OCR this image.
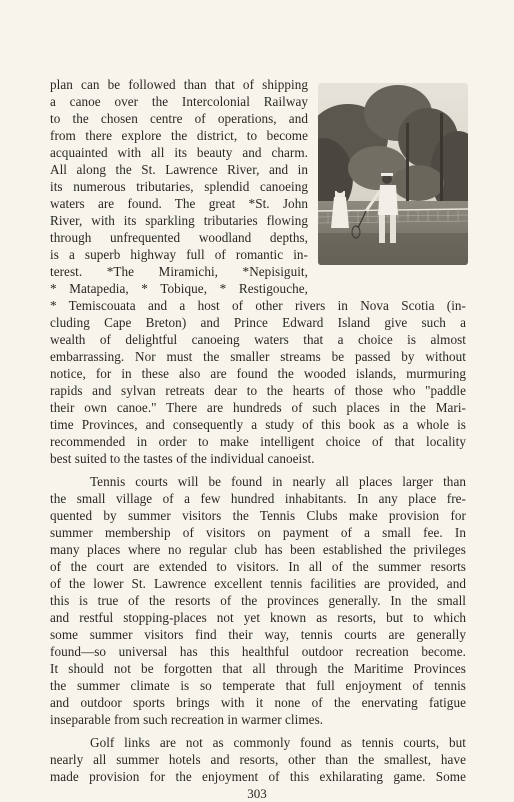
plan can be followed than that of shipping
a canoe over the Intercolonial Railway
to the chosen centre of operations, and
from there explore the district, to become
acquainted with all its beauty and charm.
All along the St. Lawrence River, and in
its numerous tributaries, splendid canoeing
waters are found. The great *St. John
River, with its sparkling tributaries flowing
through unfrequented woodland depths,
is a superb highway full of romantic in-
terest. *The Miramichi, *Nepisiguit,
* Matapedia, * Tobique, * Restigouche,
* Temiscouata and a host of other rivers in Nova Scotia (in-
cluding Cape Breton) and Prince Edward Island give such a
wealth of delightful canoeing waters that a choice is almost
embarrassing. Nor must the smaller streams be passed by without
notice, for in these also are found the wooded islands, murmuring
rapids and sylvan retreats dear to the hearts of those who "paddle
their own canoe." There are hundreds of such places in the Mari-
time Provinces, and consequently a study of this book as a whole is
recommended in order to make intelligent choice of that locality
best suited to the tastes of the individual canoeist.
Tennis courts will be found in nearly all places larger than
the small village of a few hundred inhabitants. In any place fre-
quented by summer visitors the Tennis Clubs make provision for
summer membership of visitors on payment of a small fee. In
many places where no regular club has been established the privileges
of the court are extended to visitors. In all of the summer resorts
of the lower St. Lawrence excellent tennis facilities are provided, and
this is true of the resorts of the provinces generally. In the small
and restful stopping-places not yet known as resorts, but to which
some summer visitors find their way, tennis courts are generally
found—so universal has this healthful outdoor recreation become.
It should not be forgotten that all through the Maritime Provinces
the summer climate is so temperate that full enjoyment of tennis
and outdoor sports brings with it none of the enervating fatigue
inseparable from such recreation in warmer climes.
Golf links are not as commonly found as tennis courts, but
nearly all summer hotels and resorts, other than the smallest, have
made provision for the enjoyment of this exhilarating game. Some
303
